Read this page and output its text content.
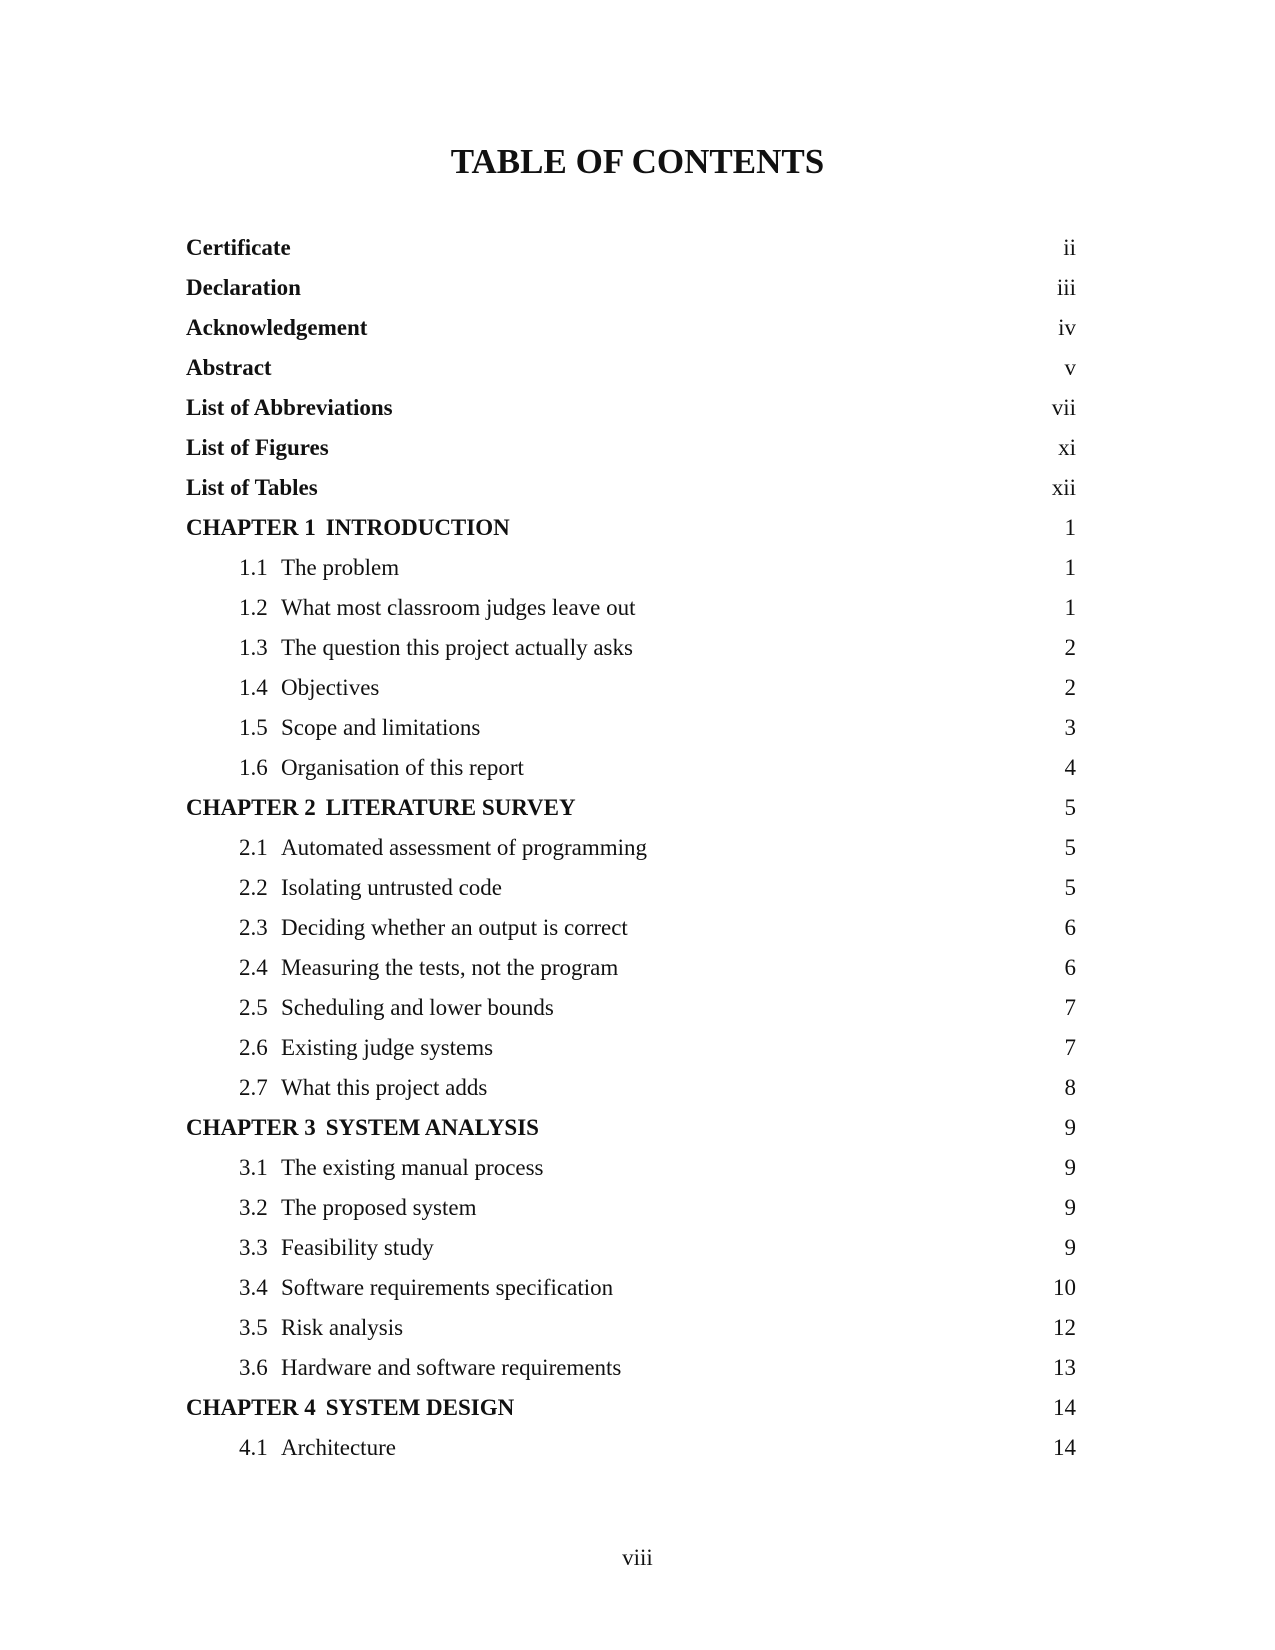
TABLE OF CONTENTS
Certificate	ii
Declaration	iii
Acknowledgement	iv
Abstract	v
List of Abbreviations	vii
List of Figures	xi
List of Tables	xii
CHAPTER 1 INTRODUCTION	1
1.1 The problem	1
1.2 What most classroom judges leave out	1
1.3 The question this project actually asks	2
1.4 Objectives	2
1.5 Scope and limitations	3
1.6 Organisation of this report	4
CHAPTER 2 LITERATURE SURVEY	5
2.1 Automated assessment of programming	5
2.2 Isolating untrusted code	5
2.3 Deciding whether an output is correct	6
2.4 Measuring the tests, not the program	6
2.5 Scheduling and lower bounds	7
2.6 Existing judge systems	7
2.7 What this project adds	8
CHAPTER 3 SYSTEM ANALYSIS	9
3.1 The existing manual process	9
3.2 The proposed system	9
3.3 Feasibility study	9
3.4 Software requirements specification	10
3.5 Risk analysis	12
3.6 Hardware and software requirements	13
CHAPTER 4 SYSTEM DESIGN	14
4.1 Architecture	14
viii
